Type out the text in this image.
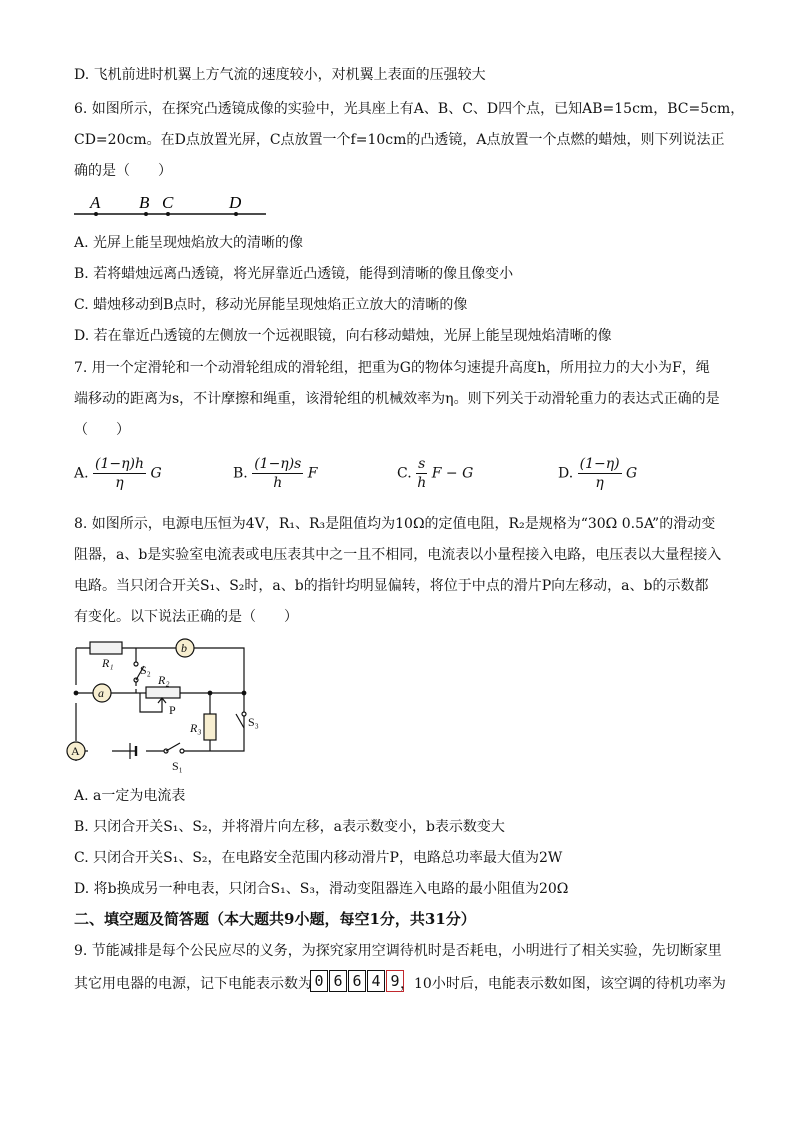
D. 飞机前进时机翼上方气流的速度较小，对机翼上表面的压强较大
6. 如图所示，在探究凸透镜成像的实验中，光具座上有A、B、C、D四个点，已知AB=15cm，BC=5cm，
CD=20cm。在D点放置光屏，C点放置一个f=10cm的凸透镜，A点放置一个点燃的蜡烛，则下列说法正
确的是（　　）
A B C	D
A. 光屏上能呈现烛焰放大的清晰的像
B. 若将蜡烛远离凸透镜，将光屏靠近凸透镜，能得到清晰的像且像变小
C. 蜡烛移动到B点时，移动光屏能呈现烛焰正立放大的清晰的像
D. 若在靠近凸透镜的左侧放一个远视眼镜，向右移动蜡烛，光屏上能呈现烛焰清晰的像
7. 用一个定滑轮和一个动滑轮组成的滑轮组，把重为G的物体匀速提升高度h，所用拉力的大小为F，绳
端移动的距离为s，不计摩擦和绳重，该滑轮组的机械效率为η。则下列关于动滑轮重力的表达式正确的是
（　　）
A. $\frac{(1-\eta)h}{\eta}$ G	B. $\frac{(1-\eta)s}{h}$ F	C. $\frac{s}{h}$ F − G	D. $\frac{(1-\eta)}{\eta}$ G
8. 如图所示，电源电压恒为4V，R₁、R₃是阻值均为10Ω的定值电阻，R₂是规格为“30Ω 0.5A”的滑动变
阻器，a、b是实验室电流表或电压表其中之一且不相同，电流表以小量程接入电路，电压表以大量程接入
电路。当只闭合开关S₁、S₂时，a、b的指针均明显偏转，将位于中点的滑片P向左移动，a、b的示数都
有变化。以下说法正确的是（　　）
R₁
b
a
S₂
R₂
P
R₃	S₃
A
S₁
A. a一定为电流表
B. 只闭合开关S₁、S₂，并将滑片向左移，a表示数变小，b表示数变大
C. 只闭合开关S₁、S₂，在电路安全范围内移动滑片P，电路总功率最大值为2W
D. 将b换成另一种电表，只闭合S₁、S₃，滑动变阻器连入电路的最小阻值为20Ω
二、填空题及简答题（本大题共9小题，每空1分，共31分）
9. 节能减排是每个公民应尽的义务，为探究家用空调待机时是否耗电，小明进行了相关实验，先切断家里
其它用电器的电源，记下电能表示数为 0 6 6 4 9 ，10小时后，电能表示数如图，该空调的待机功率为
